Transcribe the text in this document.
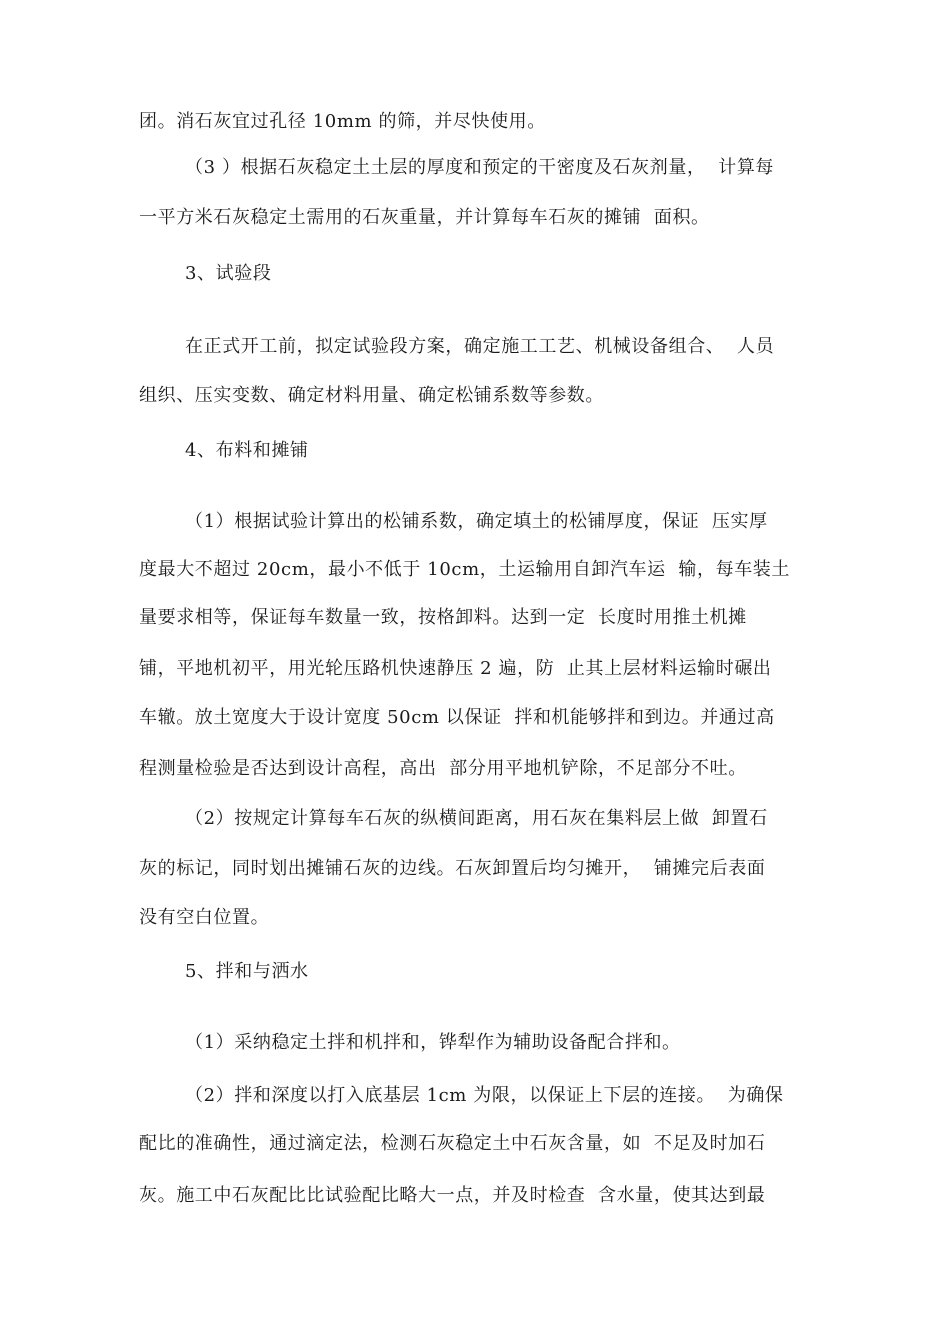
团。消石灰宜过孔径 10mm 的筛，并尽快使用。
（3 ）根据石灰稳定土土层的厚度和预定的干密度及石灰剂量，  计算每
一平方米石灰稳定土需用的石灰重量，并计算每车石灰的摊铺  面积。
3、试验段
在正式开工前，拟定试验段方案，确定施工工艺、机械设备组合、  人员
组织、压实变数、确定材料用量、确定松铺系数等参数。
4、布料和摊铺
（1）根据试验计算出的松铺系数，确定填土的松铺厚度，保证  压实厚
度最大不超过 20cm，最小不低于 10cm，土运输用自卸汽车运  输，每车装土
量要求相等，保证每车数量一致，按格卸料。达到一定  长度时用推土机摊
铺，平地机初平，用光轮压路机快速静压 2 遍，防  止其上层材料运输时碾出
车辙。放土宽度大于设计宽度 50cm 以保证  拌和机能够拌和到边。并通过高
程测量检验是否达到设计高程，高出  部分用平地机铲除，不足部分不吐。
（2）按规定计算每车石灰的纵横间距离，用石灰在集料层上做  卸置石
灰的标记，同时划出摊铺石灰的边线。石灰卸置后均匀摊开，  铺摊完后表面
没有空白位置。
5、拌和与洒水
（1）采纳稳定土拌和机拌和，铧犁作为辅助设备配合拌和。
（2）拌和深度以打入底基层 1cm 为限，以保证上下层的连接。  为确保
配比的准确性，通过滴定法，检测石灰稳定土中石灰含量，如  不足及时加石
灰。施工中石灰配比比试验配比略大一点，并及时检查  含水量，使其达到最
